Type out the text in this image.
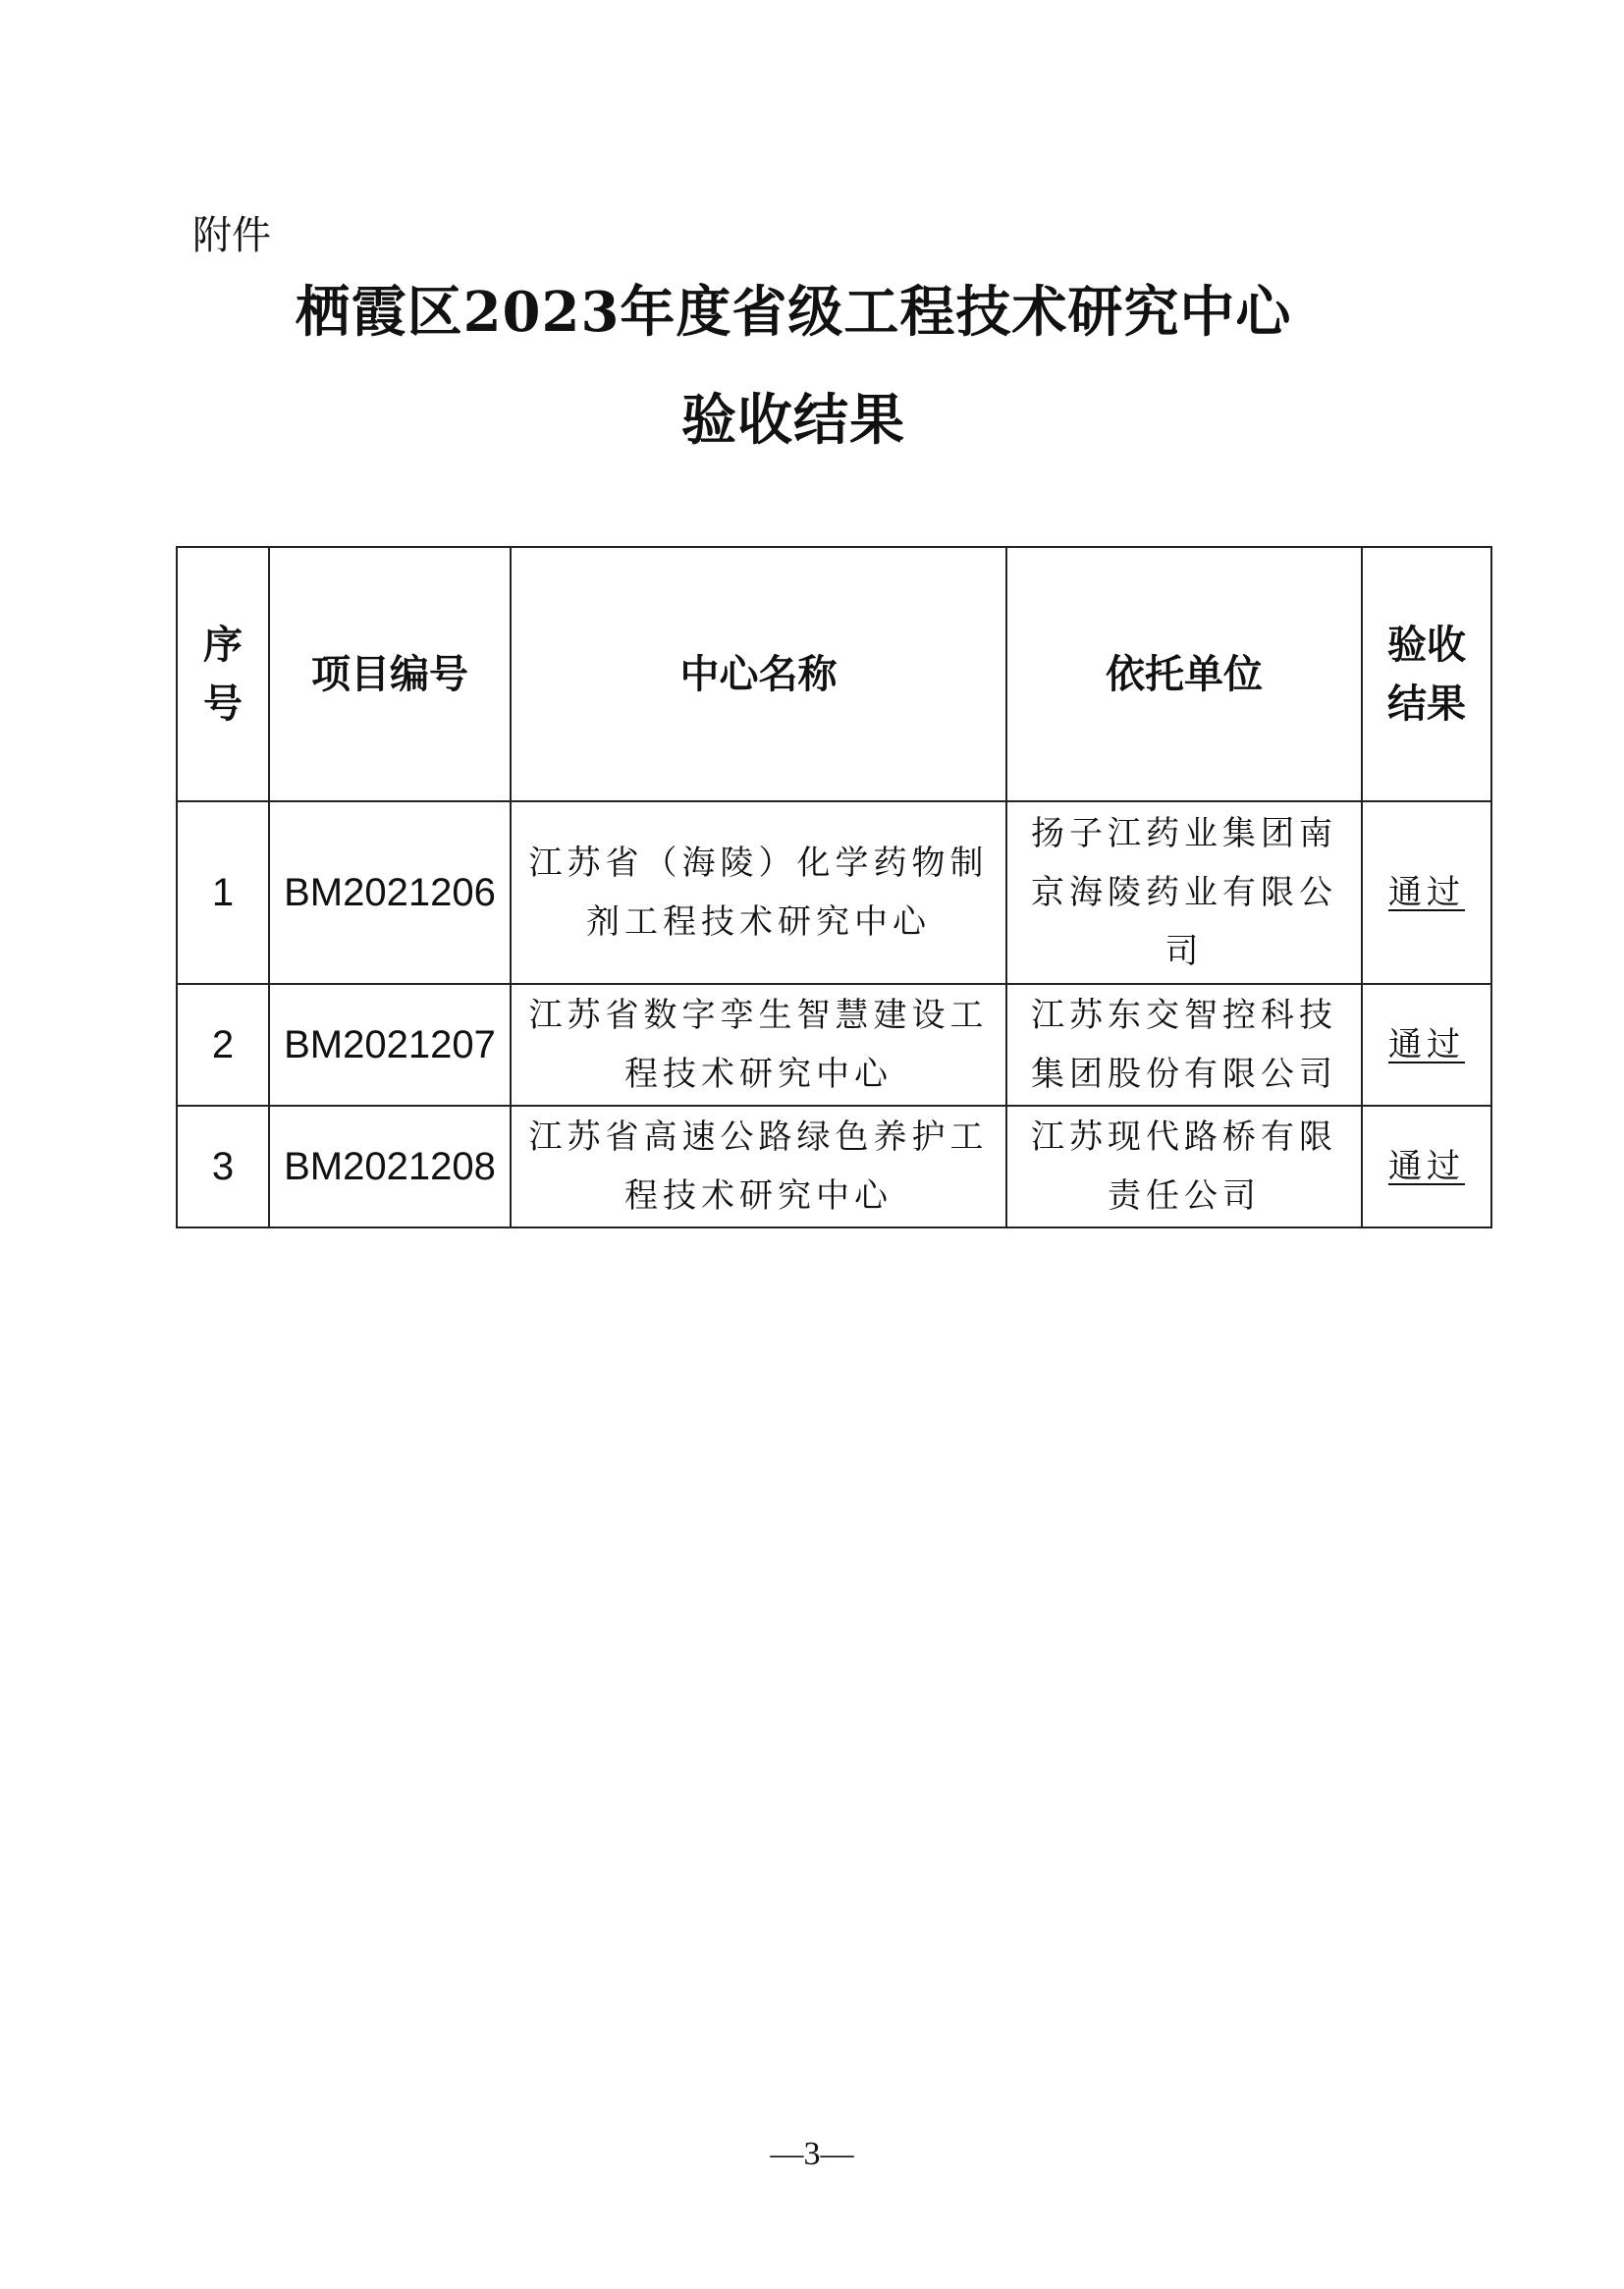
附件
栖霞区2023年度省级工程技术研究中心
验收结果
序号	项目编号	中心名称	依托单位	验收结果
1	BM2021206	江苏省（海陵）化学药物制剂工程技术研究中心	扬子江药业集团南京海陵药业有限公司	通过
2	BM2021207	江苏省数字孪生智慧建设工程技术研究中心	江苏东交智控科技集团股份有限公司	通过
3	BM2021208	江苏省高速公路绿色养护工程技术研究中心	江苏现代路桥有限责任公司	通过
—3—
